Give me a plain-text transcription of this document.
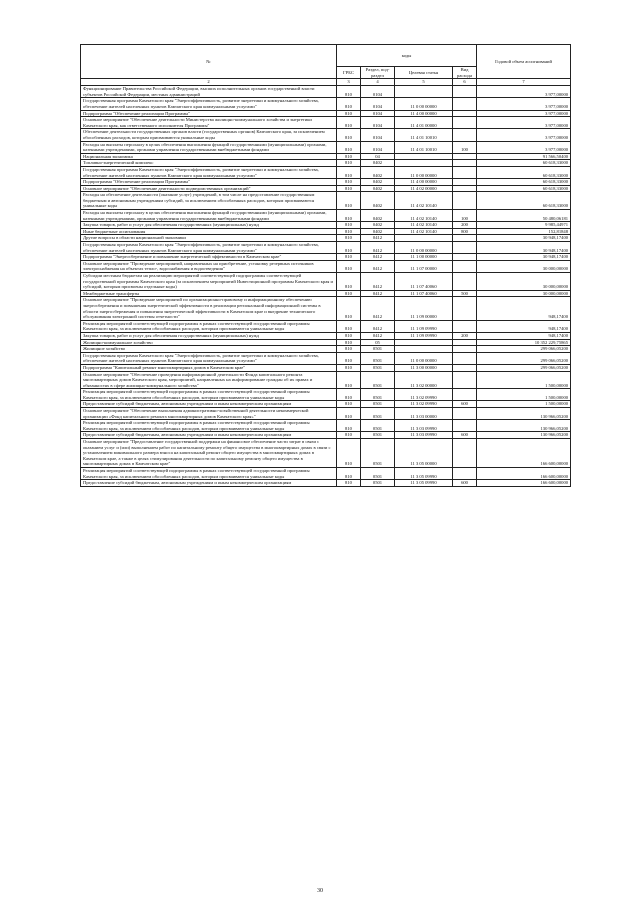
№	коды				Годовой объем ассигнований
	ГРБС	Раздел, под-раздел	Целевая статья	Вид расхода	
2	3	4	5	6	7
Функционирование Правительства Российской Федерации, высших исполнительных органов государственной власти субъектов Российской Федерации, местных администраций	810	0104			3 977,00000
Государственная программа Камчатского края "Энергоэффективность, развитие энергетики и коммунального хозяйства, обеспечение жителей населенных пунктов Камчатского края коммунальными услугами"	810	0104	11 0 00 00000		3 977,00000
Подпрограмма "Обеспечение реализации Программы"	810	0104	11 4 00 00000		3 977,00000
Основное мероприятие "Обеспечение деятельности Министерства жилищно-коммунального хозяйства и энергетики Камчатского края, как ответственного исполнителя Программы"	810	0104	11 4 01 00000		3 977,00000
Обеспечение деятельности государственных органов власти (государственных органов) Камчатского края, за исключением обособленных расходов, которым присваиваются уникальные коды	810	0104	11 4 01 10010		3 977,00000
Расходы на выплаты персоналу в целях обеспечения выполнения функций государственными (муниципальными) органами, казенными учреждениями, органами управления государственными внебюджетными фондами	810	0104	11 4 01 10010	100	3 977,00000
Национальная экономика	810	04			91 566,50400
Топливно-энергетический комплекс	810	0402			60 618,33000
Государственная программа Камчатского края "Энергоэффективность, развитие энергетики и коммунального хозяйства, обеспечение жителей населенных пунктов Камчатского края коммунальными услугами"	810	0402	11 0 00 00000		60 618,33000
Подпрограмма "Обеспечение реализации Программы"	810	0402	11 4 00 00000		60 618,33000
Основное мероприятие "Обеспечение деятельности подведомственных организаций"	810	0402	11 4 02 00000		60 618,33000
Расходы на обеспечение деятельности (оказание услуг) учреждений, в том числе на предоставление государственным бюджетным и автономным учреждениям субсидий, за исключением обособленных расходов, которым присваиваются уникальные коды	810	0402	11 4 02 10140		60 618,33000
Расходы на выплаты персоналу в целях обеспечения выполнения функций государственными (муниципальными) органами, казенными учреждениями, органами управления государственными внебюджетными фондами	810	0402	11 4 02 10140	100	50 480,06181
Закупка товаров, работ и услуг для обеспечения государственных (муниципальных) нужд	810	0402	11 4 02 10140	200	9 985,44971
Иные бюджетные ассигнования	810	0402	11 4 02 10140	800	152,81848
Другие вопросы в области национальной экономики	810	0412			30 948,17400
Государственная программа Камчатского края "Энергоэффективность, развитие энергетики и коммунального хозяйства, обеспечение жителей населенных пунктов Камчатского края коммунальными услугами"	810	0412	11 0 00 00000		30 948,17400
Подпрограмма "Энергосбережение и повышение энергетической эффективности в Камчатском крае"	810	0412	11 1 00 00000		30 948,17400
Основное мероприятие "Проведение мероприятий, направленных на приобретение, установку резервных источников электроснабжения на объектах тепло-, водоснабжения и водоотведения"	810	0412	11 1 07 00000		30 000,00000
Субсидии местным бюджетам на реализацию мероприятий соответствующей подпрограммы соответствующей государственной программы Камчатского края (за исключением мероприятий Инвестиционной программы Камчатского края и субсидий, которым присвоены отдельные коды)	810	0412	11 1 07 40060		30 000,00000
Межбюджетные трансферты	810	0412	11 1 07 40060	500	30 000,00000
Основное мероприятие "Проведение мероприятий по организационно-правовому и информационному обеспечению энергосбережения и повышения энергетической эффективности в реализации региональной информационной системы в области энергосбережения и повышения энергетической эффективности в Камчатском крае и внедрение технического обслуживания электронной системы отчетности"	810	0412	11 1 09 00000		948,17400
Реализация мероприятий соответствующей подпрограммы в рамках соответствующей государственной программы Камчатского края, за исключением обособленных расходов, которым присваиваются уникальные коды	810	0412	11 1 09 09990		948,17400
Закупка товаров, работ и услуг для обеспечения государственных (муниципальных) нужд	810	0412	11 1 09 09990	200	948,17400
Жилищно-коммунальное хозяйство	810	05			10 352 229,75865
Жилищное хозяйство	810	0501			299 066,05200
Государственная программа Камчатского края "Энергоэффективность, развитие энергетики и коммунального хозяйства, обеспечение жителей населенных пунктов Камчатского края коммунальными услугами"	810	0501	11 0 00 00000		299 066,05200
Подпрограмма "Капитальный ремонт многоквартирных домов в Камчатском крае"	810	0501	11 3 00 00000		299 066,05200
Основное мероприятие "Обеспечение проведения информационной деятельности Фонда капитального ремонта многоквартирных домов Камчатского края, мероприятий, направленных на информирование граждан об их правах и обязанностях в сфере жилищно-коммунального хозяйства"	810	0501	11 3 02 00000		1 500,00000
Реализация мероприятий соответствующей подпрограммы в рамках соответствующей государственной программы Камчатского края, за исключением обособленных расходов, которым присваиваются уникальные коды	810	0501	11 3 02 09990		1 500,00000
Предоставление субсидий бюджетным, автономным учреждениям и иным некоммерческим организациям	810	0501	11 3 02 09990	600	1 500,00000
Основное мероприятие "Обеспечение выполнения административно-хозяйственной деятельности некоммерческой организации «Фонд капитального ремонта многоквартирных домов Камчатского края»"	810	0501	11 3 03 00000		130 966,05200
Реализация мероприятий соответствующей подпрограммы в рамках соответствующей государственной программы Камчатского края, за исключением обособленных расходов, которым присваиваются уникальные коды	810	0501	11 3 03 09990		130 966,05200
Предоставление субсидий бюджетным, автономным учреждениям и иным некоммерческим организациям	810	0501	11 3 03 09990	600	130 966,05200
Основное мероприятие "Предоставление государственной поддержки на финансовое обеспечение части затрат в связи с оказанием услуг и (или) выполнением работ по капитальному ремонту общего имущества в многоквартирных домах в связи с установлением минимального размера взноса на капитальный ремонт общего имущества в многоквартирных домах в Камчатском крае, а также в целях стимулирования деятельности по капитальному ремонту общего имущества в многоквартирных домах в Камчатском крае"	810	0501	11 3 05 00000		166 600,00000
Реализация мероприятий соответствующей подпрограммы в рамках соответствующей государственной программы Камчатского края, за исключением обособленных расходов, которым присваиваются уникальные коды	810	0501	11 3 05 09990		166 600,00000
Предоставление субсидий бюджетным, автономным учреждениям и иным некоммерческим организациям	810	0501	11 3 05 09990	600	166 600,00000
30
